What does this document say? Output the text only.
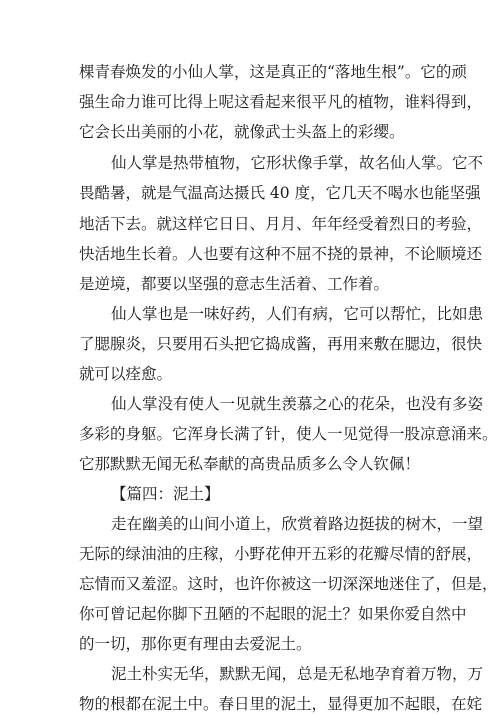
棵青春焕发的小仙人掌，这是真正的“落地生根”。它的顽
强生命力谁可比得上呢这看起来很平凡的植物，谁料得到，
它会长出美丽的小花，就像武士头盔上的彩缨。
仙人掌是热带植物，它形状像手掌，故名仙人掌。它不
畏酷暑，就是气温高达摄氏 40 度，它几天不喝水也能坚强
地活下去。就这样它日日、月月、年年经受着烈日的考验，
快活地生长着。人也要有这种不屈不挠的景神，不论顺境还
是逆境，都要以坚强的意志生活着、工作着。
仙人掌也是一味好药，人们有病，它可以帮忙，比如患
了腮腺炎，只要用石头把它捣成酱，再用来敷在腮边，很快
就可以痊愈。
仙人掌没有使人一见就生羡慕之心的花朵，也没有多姿
多彩的身躯。它浑身长满了针，使人一见觉得一股凉意涌来。
它那默默无闻无私奉献的高贵品质多么令人钦佩！
【篇四：泥土】
走在幽美的山间小道上，欣赏着路边挺拔的树木，一望
无际的绿油油的庄稼，小野花伸开五彩的花瓣尽情的舒展，
忘情而又羞涩。这时，也许你被这一切深深地迷住了，但是，
你可曾记起你脚下丑陋的不起眼的泥土？如果你爱自然中
的一切，那你更有理由去爱泥土。
泥土朴实无华，默默无闻，总是无私地孕育着万物，万
物的根都在泥土中。春日里的泥土，显得更加不起眼，在姹
